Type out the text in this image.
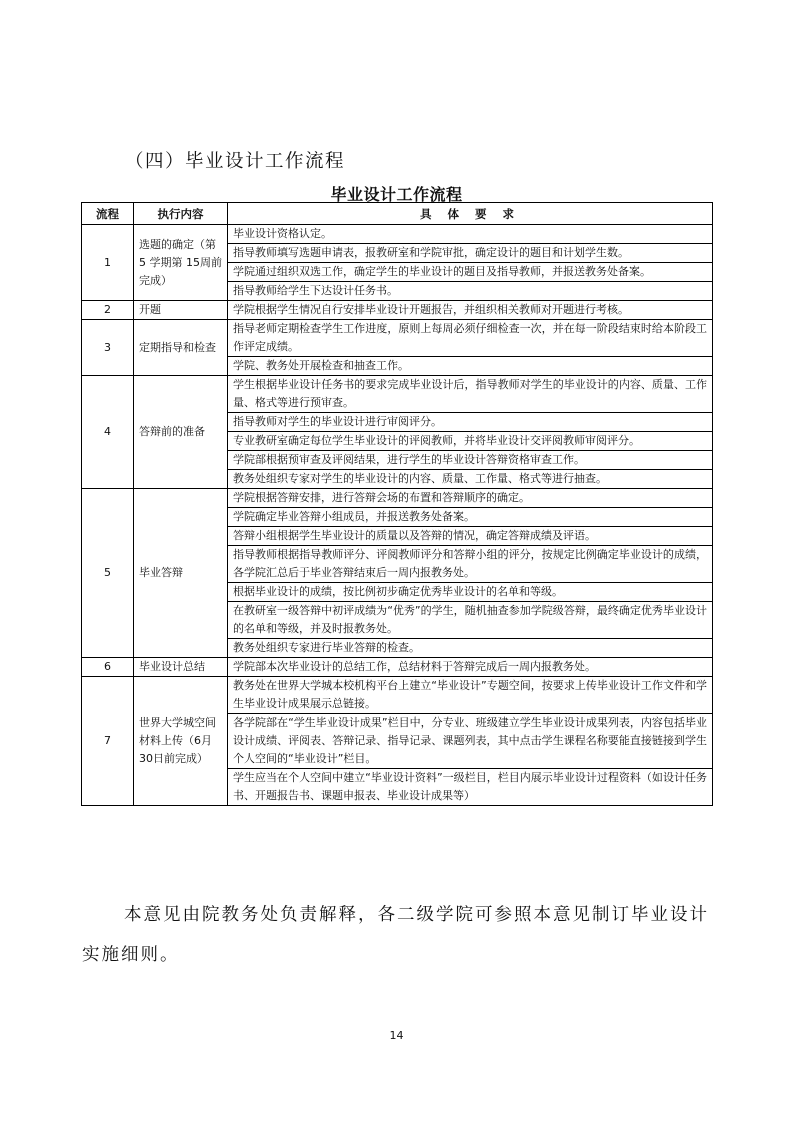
（四）毕业设计工作流程
毕业设计工作流程
流程	执行内容	具 体 要 求
1	选题的确定（第 5 学期第 15周前完成）	毕业设计资格认定。
		指导教师填写选题申请表，报教研室和学院审批，确定设计的题目和计划学生数。
		学院通过组织双选工作，确定学生的毕业设计的题目及指导教师，并报送教务处备案。
		指导教师给学生下达设计任务书。
2	开题	学院根据学生情况自行安排毕业设计开题报告，并组织相关教师对开题进行考核。
3	定期指导和检查	指导老师定期检查学生工作进度，原则上每周必须仔细检查一次，并在每一阶段结束时给本阶段工作评定成绩。
		学院、教务处开展检查和抽查工作。
4	答辩前的准备	学生根据毕业设计任务书的要求完成毕业设计后，指导教师对学生的毕业设计的内容、质量、工作量、格式等进行预审查。
		指导教师对学生的毕业设计进行审阅评分。
		专业教研室确定每位学生毕业设计的评阅教师，并将毕业设计交评阅教师审阅评分。
		学院部根据预审查及评阅结果，进行学生的毕业设计答辩资格审查工作。
		教务处组织专家对学生的毕业设计的内容、质量、工作量、格式等进行抽查。
5	毕业答辩	学院根据答辩安排，进行答辩会场的布置和答辩顺序的确定。
		学院确定毕业答辩小组成员，并报送教务处备案。
		答辩小组根据学生毕业设计的质量以及答辩的情况，确定答辩成绩及评语。
		指导教师根据指导教师评分、评阅教师评分和答辩小组的评分，按规定比例确定毕业设计的成绩，各学院汇总后于毕业答辩结束后一周内报教务处。
		根据毕业设计的成绩，按比例初步确定优秀毕业设计的名单和等级。
		在教研室一级答辩中初评成绩为“优秀”的学生，随机抽查参加学院级答辩，最终确定优秀毕业设计的名单和等级，并及时报教务处。
		教务处组织专家进行毕业答辩的检查。
6	毕业设计总结	学院部本次毕业设计的总结工作，总结材料于答辩完成后一周内报教务处。
7	世界大学城空间材料上传（6月30日前完成）	教务处在世界大学城本校机构平台上建立“毕业设计”专题空间，按要求上传毕业设计工作文件和学生毕业设计成果展示总链接。
		各学院部在“学生毕业设计成果”栏目中，分专业、班级建立学生毕业设计成果列表，内容包括毕业设计成绩、评阅表、答辩记录、指导记录、课题列表，其中点击学生课程名称要能直接链接到学生个人空间的“毕业设计”栏目。
		学生应当在个人空间中建立“毕业设计资料”一级栏目，栏目内展示毕业设计过程资料（如设计任务书、开题报告书、课题申报表、毕业设计成果等）
本意见由院教务处负责解释，各二级学院可参照本意见制订毕业设计实施细则。
14
